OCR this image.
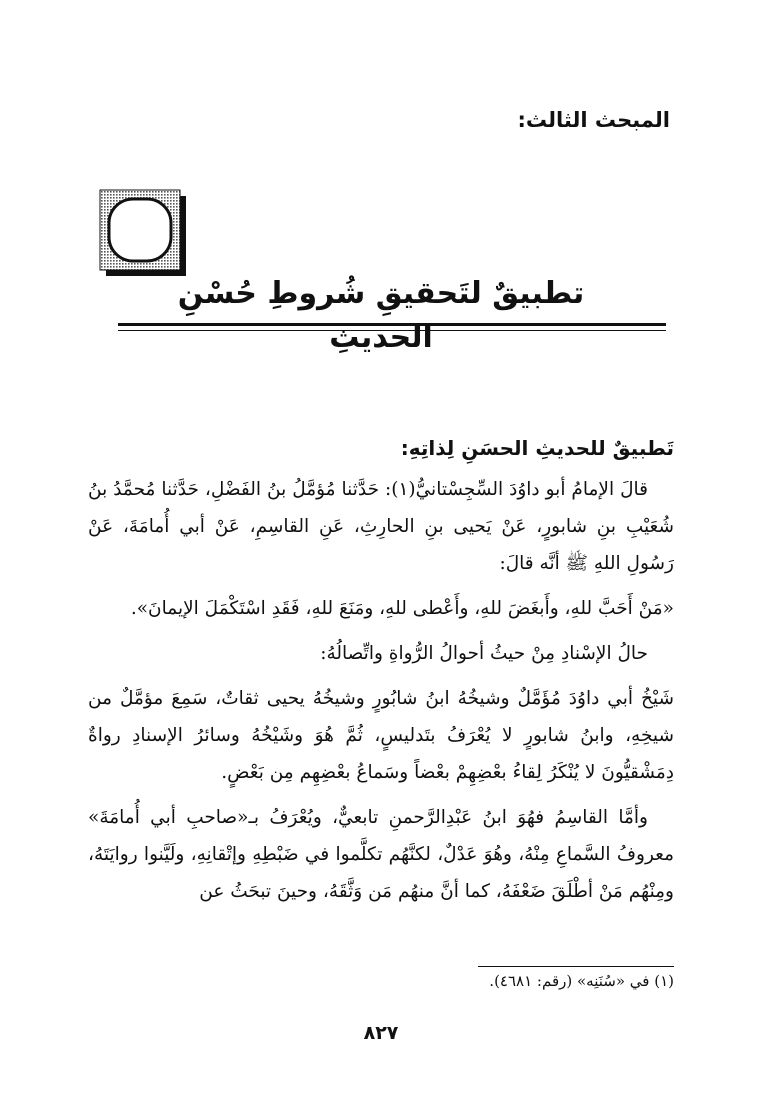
المبحث الثالث:
تطبيقٌ لتَحقيقِ شُروطِ حُسْنِ الحديثِ

تَطبيقٌ للحديثِ الحسَنِ لِذاتِهِ:

قالَ الإمامُ أبو داوُدَ السِّجِسْتانيُّ(١): حَدَّثنا مُؤمَّلُ بنُ الفَضْلِ، حَدَّثنا مُحمَّدُ بنُ شُعَيْبِ بنِ شابورٍ، عَنْ يَحيى بنِ الحارِثِ، عَنِ القاسِمِ، عَنْ أبي أُمامَةَ، عَنْ رَسُولِ اللهِ ﷺ أنَّه قالَ:

«مَنْ أَحَبَّ للهِ، وأَبغَضَ للهِ، وأَعْطى للهِ، ومَنَعَ للهِ، فَقَدِ اسْتَكْمَلَ الإيمانَ».

حالُ الإسْنادِ مِنْ حيثُ أحوالُ الرُّواةِ واتِّصالُهُ:

شَيْخُ أبي داوُدَ مُؤَمَّلٌ وشيخُهُ ابنُ شابُورٍ وشيخُهُ يحيى ثقاتٌ، سَمِعَ مؤمَّلٌ من شيخِهِ، وابنُ شابورٍ لا يُعْرَفُ بتَدليسٍ، ثُمَّ هُوَ وشَيْخُهُ وسائرُ الإسنادِ رواةٌ دِمَشْقيُّونَ لا يُنْكَرُ لِقاءُ بعْضِهِمْ بعْضاً وسَماعُ بعْضِهِم مِن بَعْضٍ.

وأمَّا القاسِمُ فهُوَ ابنُ عَبْدِالرَّحمنِ تابعيٌّ، ويُعْرَفُ بـ«صاحبِ أبي أُمامَةَ» معروفُ السَّماعِ مِنْهُ، وهُوَ عَدْلٌ، لكنَّهُم تكلَّموا في ضَبْطِهِ وإتْقانِهِ، ولَيَّنوا روايَتَهُ، ومِنْهُم مَنْ أطْلَقَ ضَعْفَهُ، كما أنَّ منهُم مَن وَثَّقَهُ، وحينَ تبحَثُ عن

(١) في «سُنَنِه» (رقم: ٤٦٨١).
٨٢٧
